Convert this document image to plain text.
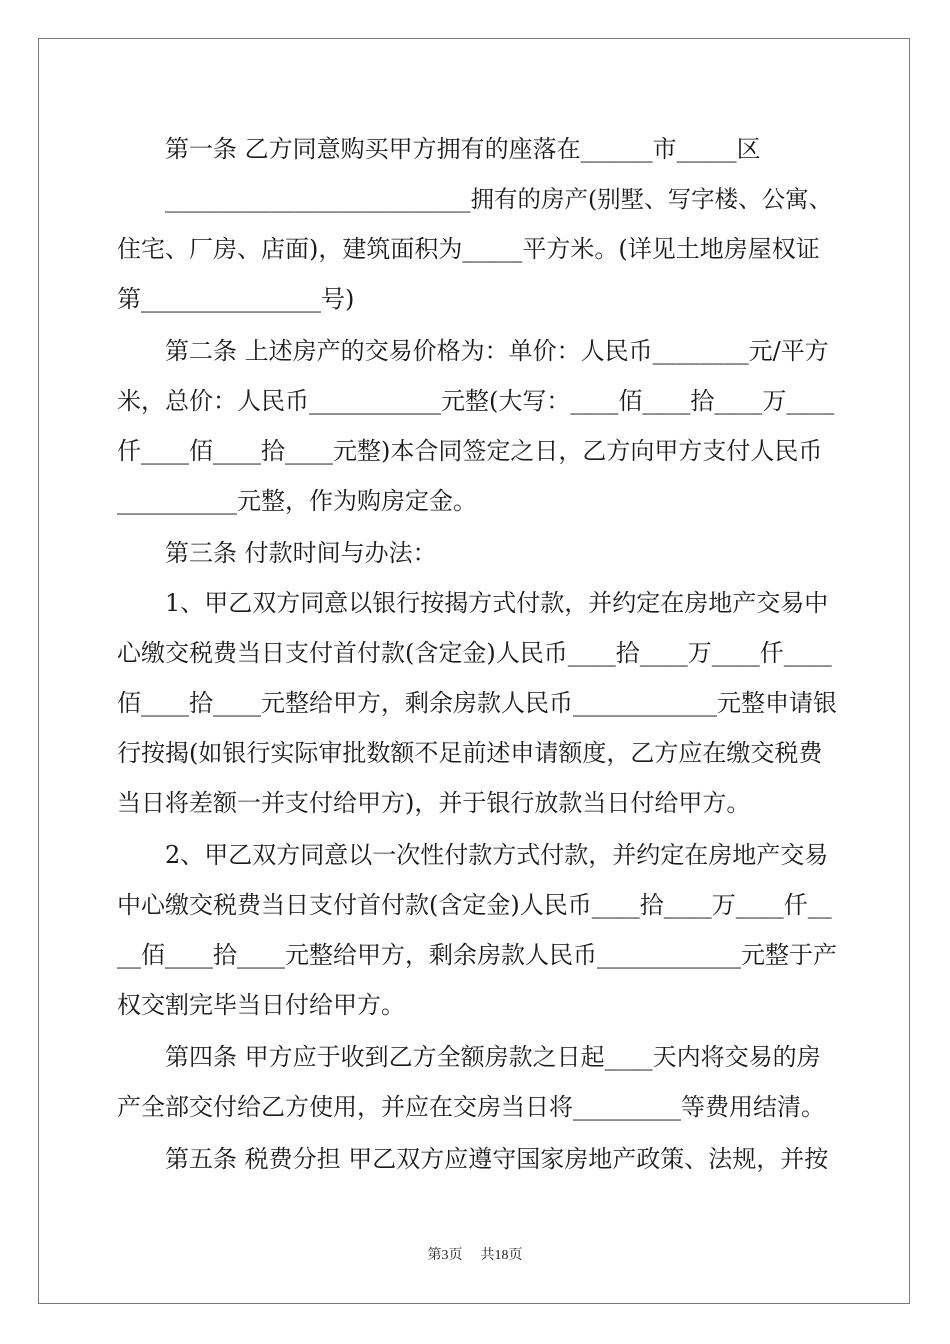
第一条 乙方同意购买甲方拥有的座落在______市_____区
__________________________拥有的房产(别墅、写字楼、公寓、
住宅、厂房、店面)，建筑面积为_____平方米。(详见土地房屋权证
第_______________号)
第二条 上述房产的交易价格为：单价：人民币________元/平方
米，总价：人民币___________元整(大写：____佰____拾____万____
仟____佰____拾____元整)本合同签定之日，乙方向甲方支付人民币
__________元整，作为购房定金。
第三条 付款时间与办法：
1、甲乙双方同意以银行按揭方式付款，并约定在房地产交易中
心缴交税费当日支付首付款(含定金)人民币____拾____万____仟____
佰____拾____元整给甲方，剩余房款人民币____________元整申请银
行按揭(如银行实际审批数额不足前述申请额度，乙方应在缴交税费
当日将差额一并支付给甲方)，并于银行放款当日付给甲方。
2、甲乙双方同意以一次性付款方式付款，并约定在房地产交易
中心缴交税费当日支付首付款(含定金)人民币____拾____万____仟__
__佰____拾____元整给甲方，剩余房款人民币____________元整于产
权交割完毕当日付给甲方。
第四条 甲方应于收到乙方全额房款之日起____天内将交易的房
产全部交付给乙方使用，并应在交房当日将_________等费用结清。
第五条 税费分担 甲乙双方应遵守国家房地产政策、法规，并按
第3页 共18页
